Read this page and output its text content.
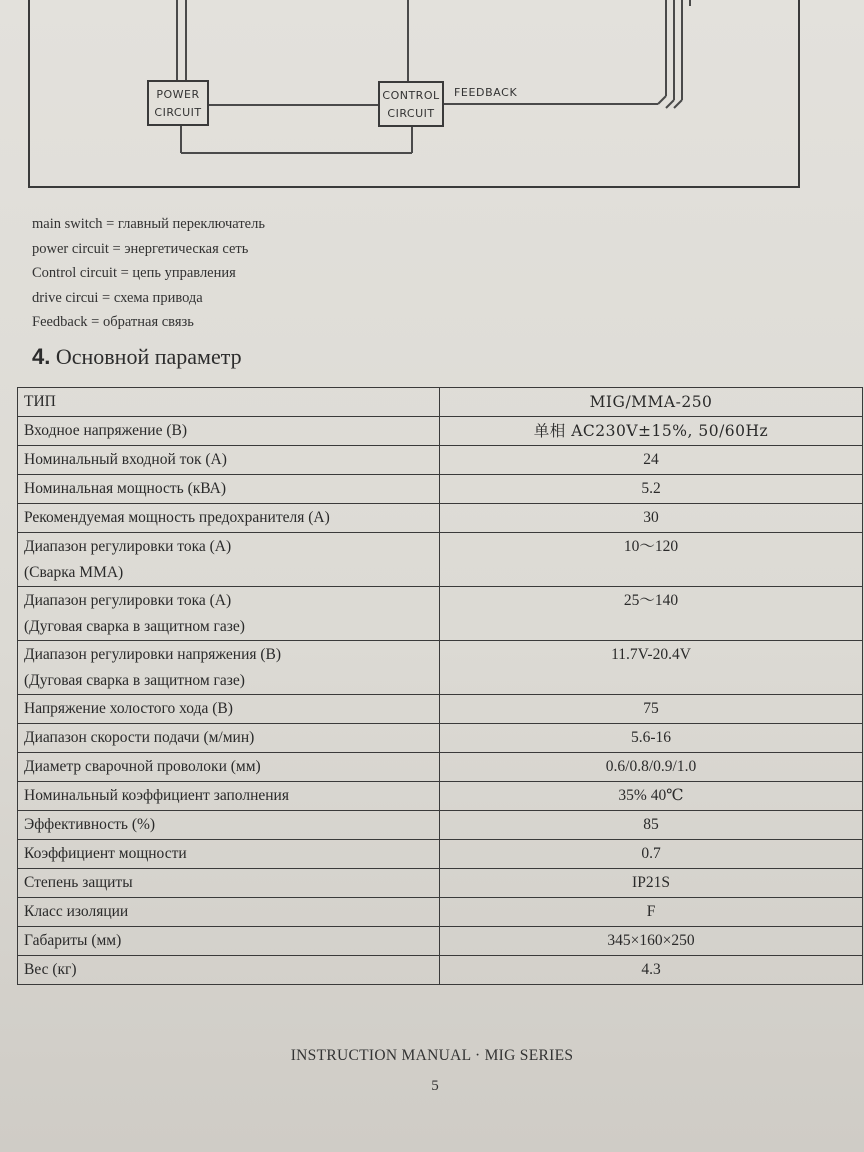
POWER
CIRCUIT
CONTROL
CIRCUIT
FEEDBACK
main switch = главный переключатель
power circuit = энергетическая сеть
Control circuit = цепь управления
drive circui = схема привода
Feedback = обратная связь
4. Основной параметр
ТИП	MIG/MMA-250

Входное напряжение (B)	单相 AC230V±15%, 50/60Hz

Номинальный входной ток (A)	24

Номинальная мощность (кВА)	5.2

Рекомендуемая мощность предохранителя (A)	30

Диапазон регулировки тока (A)
(Сварка ММА)	10～120

Диапазон регулировки тока (A)
(Дуговая сварка в защитном газе)	25～140

Диапазон регулировки напряжения (B)
(Дуговая сварка в защитном газе)	11.7V-20.4V

Напряжение холостого хода (B)	75

Диапазон скорости подачи (м/мин)	5.6-16

Диаметр сварочной проволоки (мм)	0.6/0.8/0.9/1.0

Номинальный коэффициент заполнения	35% 40℃

Эффективность (%)	85

Коэффициент мощности	0.7

Степень защиты	IP21S

Класс изоляции	F

Габариты (мм)	345×160×250

Вес (кг)	4.3
INSTRUCTION MANUAL · MIG SERIES
5
